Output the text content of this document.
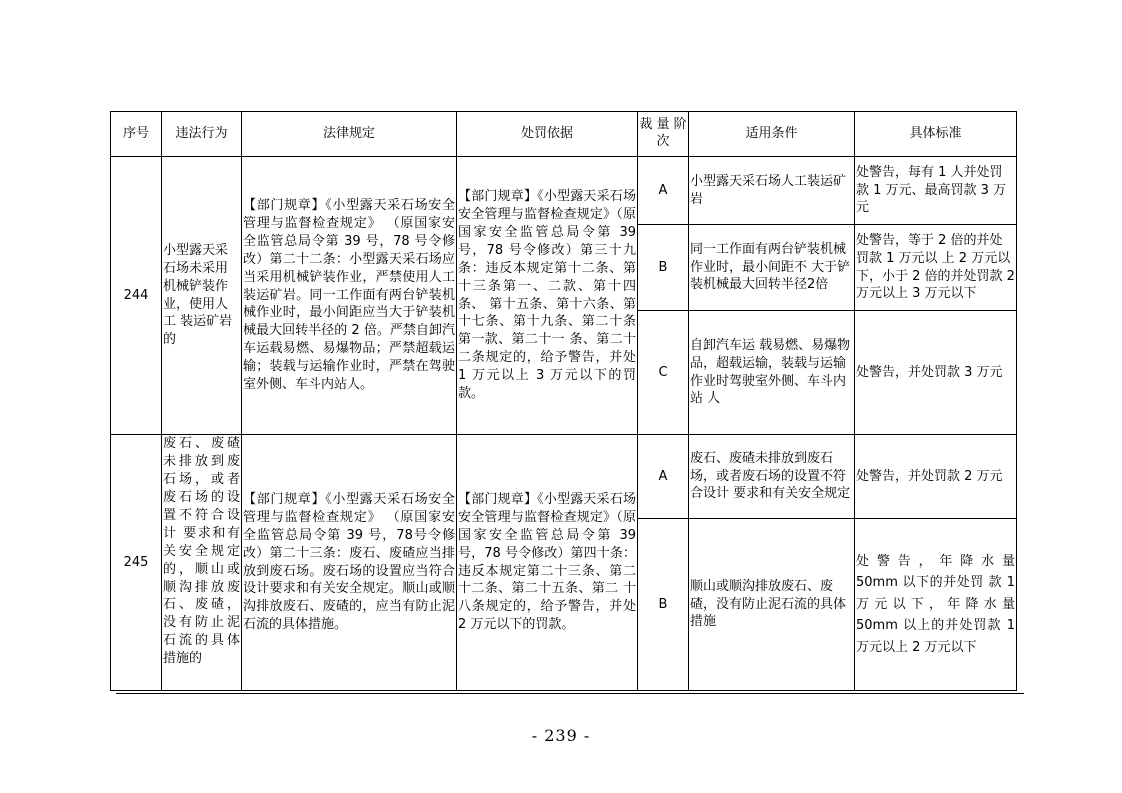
序号	违法行为	法律规定	处罚依据	裁 量 阶次	适用条件	具体标准
244	小型露天采石场未采用机械铲装作业，使用人工 装运矿岩的	【部门规章】《小型露天采石场安全管理与监督检查规定》 （原国家安全监管总局令第 39 号，78 号令修改）第二十二条：小型露天采石场应当采用机械铲装作业，严禁使用人工 装运矿岩。同一工作面有两台铲装机械作业时，最小间距应当大于铲装机 械最大回转半径的 2 倍。严禁自卸汽车运载易燃、易爆物品；严禁超载运 输；装载与运输作业时，严禁在驾驶室外侧、车斗内站人。	【部门规章】《小型露天采石场安全管理与监督检查规定》（原国家安全监管总局令第 39 号，78 号令修改）第三十九条：违反本规定第十二条、第十三条第一、二款、第十四条、 第十五条、第十六条、第十七条、第十九条、第二十条第一款、第二十一 条、第二十二条规定的，给予警告，并处 1 万元以上 3 万元以下的罚款。	A	小型露天采石场人工装运矿岩	处警告，每有 1 人并处罚款 1 万元、最高罚款 3 万元
				B	同一工作面有两台铲装机械作业时，最小间距不 大于铲装机械最大回转半径2倍	处警告，等于 2 倍的并处罚款 1 万元以 上 2 万元以下，小于 2 倍的并处罚款 2 万元以上 3 万元以下
				C	自卸汽车运 载易燃、易爆物品，超载运输，装载与运输作业时驾驶室外侧、车斗内站 人	处警告，并处罚款 3 万元
245	废石、废碴未排放到废石场，或者废石场的设置不符合设计 要求和有关安全规定的，顺山或顺沟排放废石、废碴，没有防止泥石流的具体措施的	【部门规章】《小型露天采石场安全管理与监督检查规定》 （原国家安全监管总局令第 39 号，78号令修改）第二十三条：废石、废碴应当排放到废石场。废石场的设置应当符合 设计要求和有关安全规定。顺山或顺沟排放废石、废碴的，应当有防止泥 石流的具体措施。	【部门规章】《小型露天采石场安全管理与监督检查规定》（原国家安全监管总局令第 39 号，78 号令修改）第四十条：违反本规定第二十三条、第二十二条、第二十五条、第二 十八条规定的，给予警告，并处 2 万元以下的罚款。	A	废石、废碴未排放到废石场，或者废石场的设置不符合设计 要求和有关安全规定	处警告，并处罚款 2 万元
				B	顺山或顺沟排放废石、废碴，没有防止泥石流的具体措施	处 警 告 ， 年 降 水 量 50mm 以下的并处罚 款 1 万元以下，年降水量 50mm 以上的并处罚款 1 万元以上 2 万元以下
- 239 -
